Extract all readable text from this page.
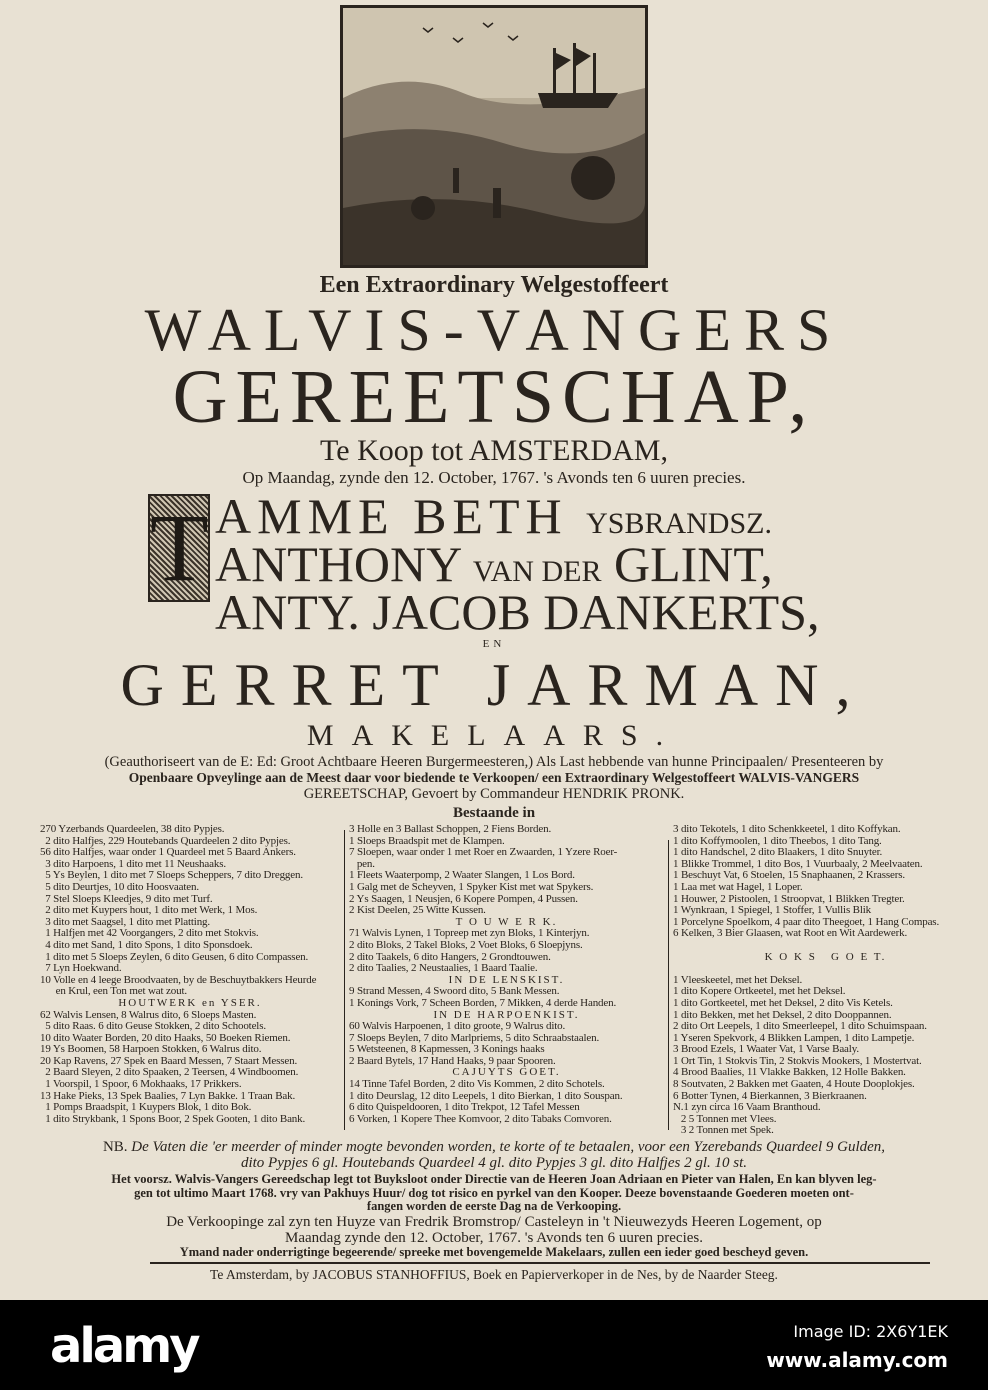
Een Extraordinary Welgestoffeert
WALVIS-VANGERS
GEREETSCHAP,
Te Koop tot AMSTERDAM,
Op Maandag, zynde den 12. October, 1767. 's Avonds ten 6 uuren precies.
T AMME BETH YSBRANDSZ.
ANTHONY VAN DER GLINT,
ANTY. JACOB DANKERTS,
EN
GERRET JARMAN,
MAKELAARS.
(Geauthoriseert van de E: Ed: Groot Achtbaare Heeren Burgermeesteren,) Als Last hebbende van hunne Principaalen/ Presenteeren by
Openbaare Opveylinge aan de Meest daar voor biedende te Verkoopen/ een Extraordinary Welgestoffeert WALVIS-VANGERS
GEREETSCHAP, Gevoert by Commandeur HENDRIK PRONK.
Bestaande in
270 Yzerbands Quardeelen, 38 dito Pypjes.
2 dito Halfjes, 229 Houtebands Quardeelen 2 dito Pypjes.
56 dito Halfjes, waar onder 1 Quardeel met 5 Baard Ankers.
3 dito Harpoens, 1 dito met 11 Neushaaks.
5 Ys Beylen, 1 dito met 7 Sloeps Scheppers, 7 dito Dreggen.
5 dito Deurtjes, 10 dito Hoosvaaten.
7 Stel Sloeps Kleedjes, 9 dito met Turf.
2 dito met Kuypers hout, 1 dito met Werk, 1 Mos.
3 dito met Saagsel, 1 dito met Platting.
1 Halfjen met 42 Voorgangers, 2 dito met Stokvis.
4 dito met Sand, 1 dito Spons, 1 dito Sponsdoek.
1 dito met 5 Sloeps Zeylen, 6 dito Geusen, 6 dito Compassen.
7 Lyn Hoekwand.
10 Volle en 4 leege Broodvaaten, by de Beschuytbakkers Heurde
en Krul, een Ton met wat zout.
HOUTWERK en YSER.
62 Walvis Lensen, 8 Walrus dito, 6 Sloeps Masten.
5 dito Raas. 6 dito Geuse Stokken, 2 dito Schootels.
10 dito Waater Borden, 20 dito Haaks, 50 Boeken Riemen.
19 Ys Boomen, 58 Harpoen Stokken, 6 Walrus dito.
20 Kap Ravens, 27 Spek en Baard Messen, 7 Staart Messen.
2 Baard Sleyen, 2 dito Spaaken, 2 Teersen, 4 Windboomen.
1 Voorspil, 1 Spoor, 6 Mokhaaks, 17 Prikkers.
13 Hake Pieks, 13 Spek Baalies, 7 Lyn Bakke. 1 Traan Bak.
1 Pomps Braadspit, 1 Kuypers Blok, 1 dito Bok.
1 dito Strykbank, 1 Spons Boor, 2 Spek Gooten, 1 dito Bank.
3 Holle en 3 Ballast Schoppen, 2 Fiens Borden.
1 Sloeps Braadspit met de Klampen.
7 Sloepen, waar onder 1 met Roer en Zwaarden, 1 Yzere Roer-
pen.
1 Fleets Waaterpomp, 2 Waater Slangen, 1 Los Bord.
1 Galg met de Scheyven, 1 Spyker Kist met wat Spykers.
2 Ys Saagen, 1 Neusjen, 6 Kopere Pompen, 4 Pussen.
2 Kist Deelen, 25 Witte Kussen.
T O U W E R K.
71 Walvis Lynen, 1 Topreep met zyn Bloks, 1 Kinterjyn.
2 dito Bloks, 2 Takel Bloks, 2 Voet Bloks, 6 Sloepjyns.
2 dito Taakels, 6 dito Hangers, 2 Grondtouwen.
2 dito Taalies, 2 Neustaalies, 1 Baard Taalie.
IN DE LENSKIST.
9 Strand Messen, 4 Swoord dito, 5 Bank Messen.
1 Konings Vork, 7 Scheen Borden, 7 Mikken, 4 derde Handen.
IN DE HARPOENKIST.
60 Walvis Harpoenen, 1 dito groote, 9 Walrus dito.
7 Sloeps Beylen, 7 dito Marlpriems, 5 dito Schraabstaalen.
5 Wetsteenen, 8 Kapmessen, 3 Konings haaks
2 Baard Bytels, 17 Hand Haaks, 9 paar Spooren.
CAJUYTS GOET.
14 Tinne Tafel Borden, 2 dito Vis Kommen, 2 dito Schotels.
1 dito Deurslag, 12 dito Leepels, 1 dito Bierkan, 1 dito Souspan.
6 dito Quispeldooren, 1 dito Trekpot, 12 Tafel Messen
6 Vorken, 1 Kopere Thee Komvoor, 2 dito Tabaks Comvoren.
3 dito Tekotels, 1 dito Schenkkeetel, 1 dito Koffykan.
1 dito Koffymoolen, 1 dito Theebos, 1 dito Tang.
1 dito Handschel, 2 dito Blaakers, 1 dito Snuyter.
1 Blikke Trommel, 1 dito Bos, 1 Vuurbaaly, 2 Meelvaaten.
1 Beschuyt Vat, 6 Stoelen, 15 Snaphaanen, 2 Krassers.
1 Laa met wat Hagel, 1 Loper.
1 Houwer, 2 Pistoolen, 1 Stroopvat, 1 Blikken Tregter.
1 Wynkraan, 1 Spiegel, 1 Stoffer, 1 Vullis Blik
1 Porcelyne Spoelkom, 4 paar dito Theegoet, 1 Hang Compas.
6 Kelken, 3 Bier Glaasen, wat Root en Wit Aardewerk.

K O K S   G O E T.

1 Vleeskeetel, met het Deksel.
1 dito Kopere Ortkeetel, met het Deksel.
1 dito Gortkeetel, met het Deksel, 2 dito Vis Ketels.
1 dito Bekken, met het Deksel, 2 dito Dooppannen.
2 dito Ort Leepels, 1 dito Smeerleepel, 1 dito Schuimspaan.
1 Yseren Spekvork, 4 Blikken Lampen, 1 dito Lampetje.
3 Brood Ezels, 1 Waater Vat, 1 Varse Baaly.
1 Ort Tin, 1 Stokvis Tin, 2 Stokvis Mookers, 1 Mostertvat.
4 Brood Baalies, 11 Vlakke Bakken, 12 Holle Bakken.
8 Soutvaten, 2 Bakken met Gaaten, 4 Houte Dooplokjes.
6 Botter Tynen, 4 Bierkannen, 3 Bierkraanen.
N.1 zyn circa 16 Vaam Branthoud.
2 5 Tonnen met Vlees.
3 2 Tonnen met Spek.
NB. De Vaten die 'er meerder of minder mogte bevonden worden, te korte of te betaalen, voor een Yzerebands Quardeel 9 Gulden,
dito Pypjes 6 gl. Houtebands Quardeel 4 gl. dito Pypjes 3 gl. dito Halfjes 2 gl. 10 st.
Het voorsz. Walvis-Vangers Gereedschap legt tot Buyksloot onder Directie van de Heeren Joan Adriaan en Pieter van Halen, En kan blyven leg-
gen tot ultimo Maart 1768. vry van Pakhuys Huur/ dog tot risico en pyrkel van den Kooper. Deeze bovenstaande Goederen moeten ont-
fangen worden de eerste Dag na de Verkooping.
De Verkoopinge zal zyn ten Huyze van Fredrik Bromstrop/ Casteleyn in 't Nieuwezyds Heeren Logement, op
Maandag zynde den 12. October, 1767. 's Avonds ten 6 uuren precies.
Ymand nader onderrigtinge begeerende/ spreeke met bovengemelde Makelaars, zullen een ieder goed bescheyd geven.
Te Amsterdam, by JACOBUS STANHOFFIUS, Boek en Papierverkoper in de Nes, by de Naarder Steeg.
alamy	Image ID: 2X6Y1EK
www.alamy.com
